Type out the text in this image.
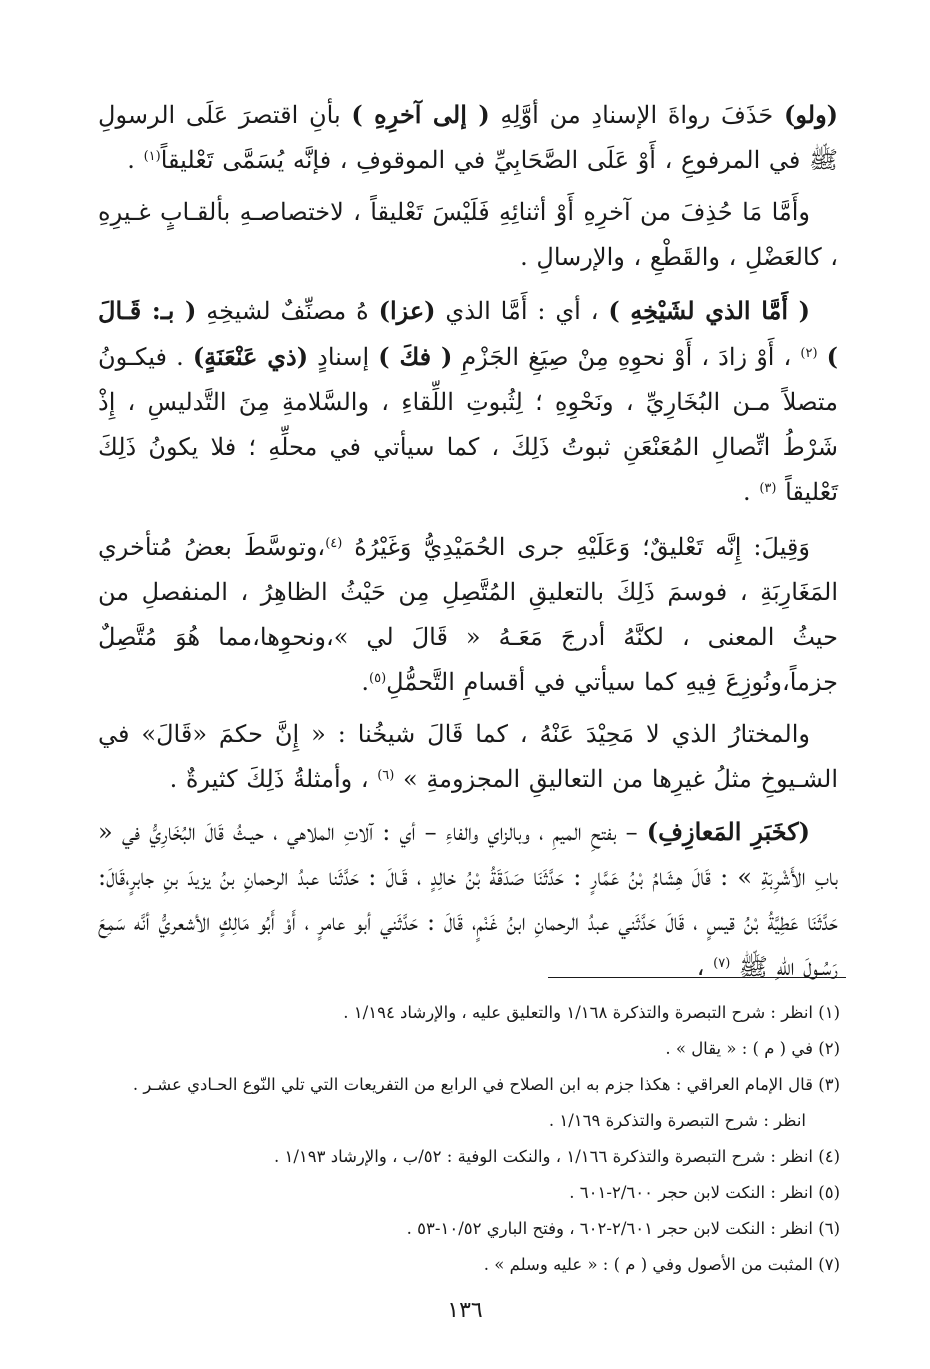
(ولو) حَذَفَ رواةَ الإسنادِ من أوَّلِهِ ( إلى آخرِهِ ) بأنِ اقتصرَ عَلَى الرسولِ ﷺ في المرفوعِ ، أَوْ عَلَى الصَّحَابِيِّ في الموقوفِ ، فإنَّه يُسَمَّى تَعْليقاً$^{(١)}$ .

وأَمَّا مَا حُذِفَ من آخرِهِ أَوْ أثنائِهِ فَلَيْسَ تَعْليقاً ، لاختصاصـهِ بألقـابٍ غـيرِهِ ، كالعَضْلِ ، والقَطْعِ ، والإرسالِ .

( أَمَّا الذي لشَيْخِهِ ) ، أي : أَمَّا الذي (عزا) هُ مصنِّفٌ لشيخِهِ ( بـ: قَـالَ ) $^{(٢)}$ ، أَوْ زادَ ، أَوْ نحوِهِ مِنْ صِيَغِ الجَزْمِ ( فكَ ) إسنادٍ (ذي عَنْعَنَةٍ) . فيكـونُ متصلاً مـن البُخَارِيِّ ، ونَحْوِهِ ؛ لِثُبوتِ اللِّقاءِ ، والسَّلامةِ مِنَ التَّدليسِ ، إِذْ شَرْطُ اتِّصالِ المُعَنْعَنِ ثبوتُ ذَلِكَ ، كما سيأتي في محلِّهِ ؛ فلا يكونُ ذَلِكَ تَعْليقاً $^{(٣)}$ .

وَقِيلَ: إِنَّه تَعْليقٌ؛ وَعَلَيْهِ جرى الحُمَيْدِيُّ وَغَيْرُهُ $^{(٤)}$،وتوسَّطَ بعضُ مُتأخري المَغَارِبَةِ ، فوسمَ ذَلِكَ بالتعليقِ المُتَّصِلِ مِن حَيْثُ الظاهِرُ ، المنفصلِ من حيثُ المعنى ، لكنَّهُ أدرجَ مَعَـهُ « قَالَ لي »،ونحوِها،مما هُوَ مُتَّصِلٌ جزماً،ونُوزِعَ فِيهِ كما سيأتي في أقسامِ التَّحمُّلِ$^{(٥)}$.

والمختارُ الذي لا مَحِيْدَ عَنْهُ ، كما قَالَ شيخُنا : « إِنَّ حكمَ «قَالَ» في الشـيوخِ مثلُ غيرِها من التعاليقِ المجزومةِ » $^{(٦)}$ ، وأمثلةُ ذَلِكَ كثيرةٌ .

(كخَبَرِ المَعازِفِ) – بفتحِ الميمِ ، وبالزاي والفاءِ – أي : آلاتِ الملاهي ، حيـثُ قَالَ البُخَارِيُّ في « بابِ الأَشْرِبَةِ » : قَالَ هِشَامُ بْنُ عَمَّارٍ : حَدَّثَنَا صَدَقَةُ بْنُ خالِدٍ ، قَـالَ : حَدَّثَنا عبدُ الرحمانِ بنُ يزيدَ بنِ جابرٍ،قَالَ: حَدَّثَنَا عَطِيَّةُ بْنُ قيسٍ ، قَالَ حَدَّثَني عبدُ الرحمانِ ابنُ غَنْمٍ، قَالَ : حَدَّثَني أبو عامرٍ ، أَوْ أَبُو مَالِكٍ الأشعريُّ أنَّه سَمِعَ رَسُـولَ اللهِ ﷺ $^{(٧)}$ ،

(١) انظر : شرح التبصرة والتذكرة ١/١٦٨ والتعليق عليه ، والإرشاد ١/١٩٤ .
(٢) في ( م ) : « يقال » .
(٣) قال الإمام العراقي : هكذا جزم به ابن الصلاح في الرابع من التفريعات التي تلي النّوع الحـادي عشـر .
انظر : شرح التبصرة والتذكرة ١/١٦٩ .
(٤) انظر : شرح التبصرة والتذكرة ١/١٦٦ ، والنكت الوفية : ٥٢/ب ، والإرشاد ١/١٩٣ .
(٥) انظر : النكت لابن حجر ٢/٦٠٠-٦٠١ .
(٦) انظر : النكت لابن حجر ٢/٦٠١-٦٠٢ ، وفتح الباري ١٠/٥٢-٥٣ .
(٧) المثبت من الأصول وفي ( م ) : « عليه وسلم » .
١٣٦
